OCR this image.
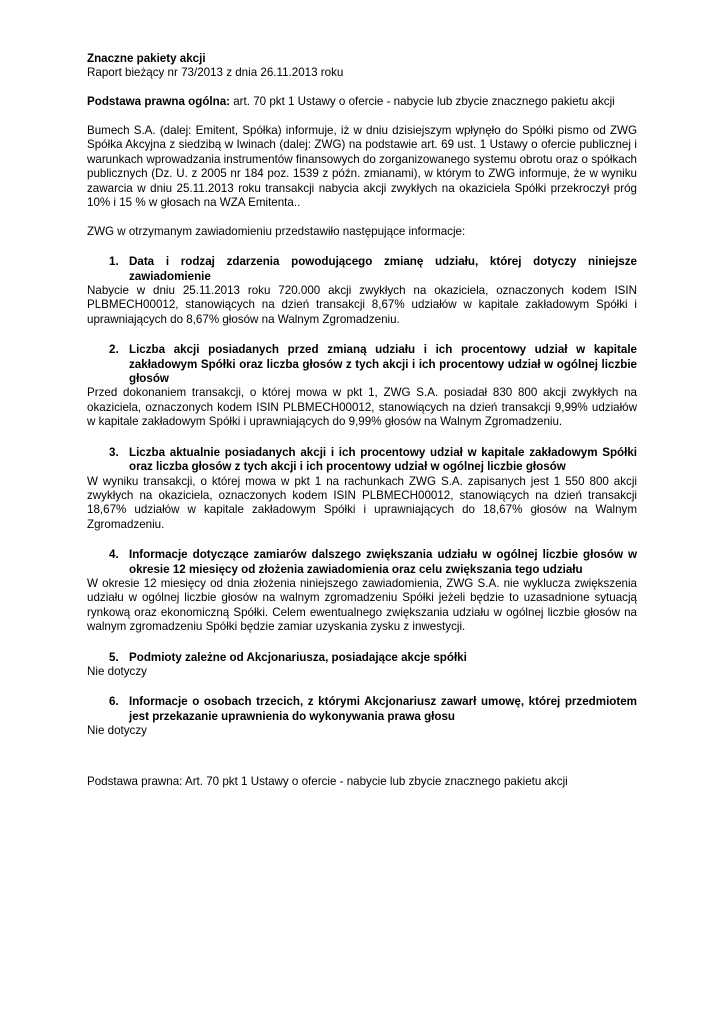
Znaczne pakiety akcji

Raport bieżący nr 73/2013 z dnia 26.11.2013 roku

Podstawa prawna ogólna: art. 70 pkt 1 Ustawy o ofercie - nabycie lub zbycie znacznego pakietu akcji

Bumech S.A. (dalej: Emitent, Spółka) informuje, iż w dniu dzisiejszym wpłynęło do Spółki pismo od ZWG Spółka Akcyjna z siedzibą w Iwinach (dalej: ZWG) na podstawie art. 69 ust. 1 Ustawy o ofercie publicznej i warunkach wprowadzania instrumentów finansowych do zorganizowanego systemu obrotu oraz o spółkach publicznych (Dz. U. z 2005 nr 184 poz. 1539 z późn. zmianami), w którym to ZWG informuje, że w wyniku zawarcia w dniu 25.11.2013 roku transakcji nabycia akcji zwykłych na okaziciela Spółki przekroczył próg 10% i 15 % w głosach na WZA Emitenta..

ZWG w otrzymanym zawiadomieniu przedstawiło następujące informacje:

1. Data i rodzaj zdarzenia powodującego zmianę udziału, której dotyczy niniejsze zawiadomienie

Nabycie w dniu 25.11.2013 roku 720.000 akcji zwykłych na okaziciela, oznaczonych kodem ISIN PLBMECH00012, stanowiących na dzień transakcji 8,67% udziałów w kapitale zakładowym Spółki i uprawniających do 8,67% głosów na Walnym Zgromadzeniu.

2. Liczba akcji posiadanych przed zmianą udziału i ich procentowy udział w kapitale zakładowym Spółki oraz liczba głosów z tych akcji i ich procentowy udział w ogólnej liczbie głosów

Przed dokonaniem transakcji, o której mowa w pkt 1, ZWG S.A. posiadał 830 800 akcji zwykłych na okaziciela, oznaczonych kodem ISIN PLBMECH00012, stanowiących na dzień transakcji 9,99% udziałów w kapitale zakładowym Spółki i uprawniających do 9,99% głosów na Walnym Zgromadzeniu.

3. Liczba aktualnie posiadanych akcji i ich procentowy udział w kapitale zakładowym Spółki oraz liczba głosów z tych akcji i ich procentowy udział w ogólnej liczbie głosów

W wyniku transakcji, o której mowa w pkt 1 na rachunkach ZWG S.A. zapisanych jest 1 550 800 akcji zwykłych na okaziciela, oznaczonych kodem ISIN PLBMECH00012, stanowiących na dzień transakcji 18,67% udziałów w kapitale zakładowym Spółki i uprawniających do 18,67% głosów na Walnym Zgromadzeniu.

4. Informacje dotyczące zamiarów dalszego zwiększania udziału w ogólnej liczbie głosów w okresie 12 miesięcy od złożenia zawiadomienia oraz celu zwiększania tego udziału

W okresie 12 miesięcy od dnia złożenia niniejszego zawiadomienia, ZWG S.A. nie wyklucza zwiększenia udziału w ogólnej liczbie głosów na walnym zgromadzeniu Spółki jeżeli będzie to uzasadnione sytuacją rynkową oraz ekonomiczną Spółki. Celem ewentualnego zwiększania udziału w ogólnej liczbie głosów na walnym zgromadzeniu Spółki będzie zamiar uzyskania zysku z inwestycji.

5. Podmioty zależne od Akcjonariusza, posiadające akcje spółki

Nie dotyczy

6. Informacje o osobach trzecich, z którymi Akcjonariusz zawarł umowę, której przedmiotem jest przekazanie uprawnienia do wykonywania prawa głosu

Nie dotyczy

Podstawa prawna: Art. 70 pkt 1 Ustawy o ofercie - nabycie lub zbycie znacznego pakietu akcji
